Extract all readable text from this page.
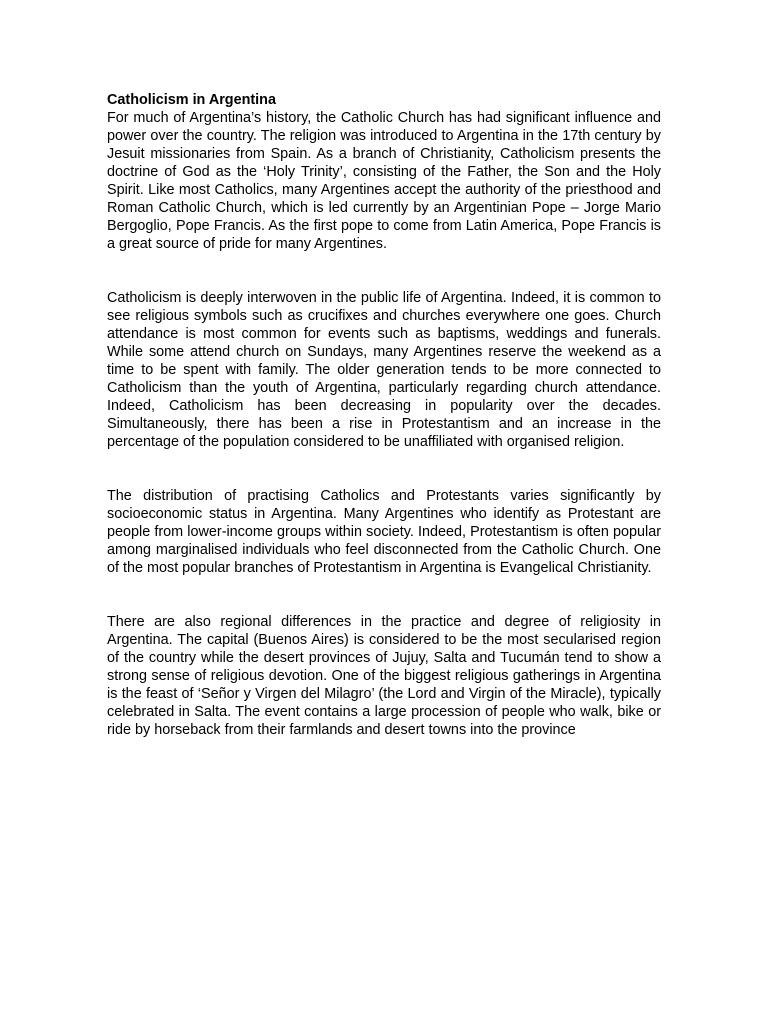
Catholicism in Argentina

For much of Argentina’s history, the Catholic Church has had significant influence and power over the country. The religion was introduced to Argentina in the 17th century by Jesuit missionaries from Spain. As a branch of Christianity, Catholicism presents the doctrine of God as the ‘Holy Trinity’, consisting of the Father, the Son and the Holy Spirit. Like most Catholics, many Argentines accept the authority of the priesthood and Roman Catholic Church, which is led currently by an Argentinian Pope – Jorge Mario Bergoglio, Pope Francis. As the first pope to come from Latin America, Pope Francis is a great source of pride for many Argentines.

Catholicism is deeply interwoven in the public life of Argentina. Indeed, it is common to see religious symbols such as crucifixes and churches everywhere one goes. Church attendance is most common for events such as baptisms, weddings and funerals. While some attend church on Sundays, many Argentines reserve the weekend as a time to be spent with family. The older generation tends to be more connected to Catholicism than the youth of Argentina, particularly regarding church attendance. Indeed, Catholicism has been decreasing in popularity over the decades. Simultaneously, there has been a rise in Protestantism and an increase in the percentage of the population considered to be unaffiliated with organised religion.

The distribution of practising Catholics and Protestants varies significantly by socioeconomic status in Argentina. Many Argentines who identify as Protestant are people from lower-income groups within society. Indeed, Protestantism is often popular among marginalised individuals who feel disconnected from the Catholic Church. One of the most popular branches of Protestantism in Argentina is Evangelical Christianity.

There are also regional differences in the practice and degree of religiosity in Argentina. The capital (Buenos Aires) is considered to be the most secularised region of the country while the desert provinces of Jujuy, Salta and Tucumán tend to show a strong sense of religious devotion. One of the biggest religious gatherings in Argentina is the feast of ‘Señor y Virgen del Milagro’ (the Lord and Virgin of the Miracle), typically celebrated in Salta. The event contains a large procession of people who walk, bike or ride by horseback from their farmlands and desert towns into the province
